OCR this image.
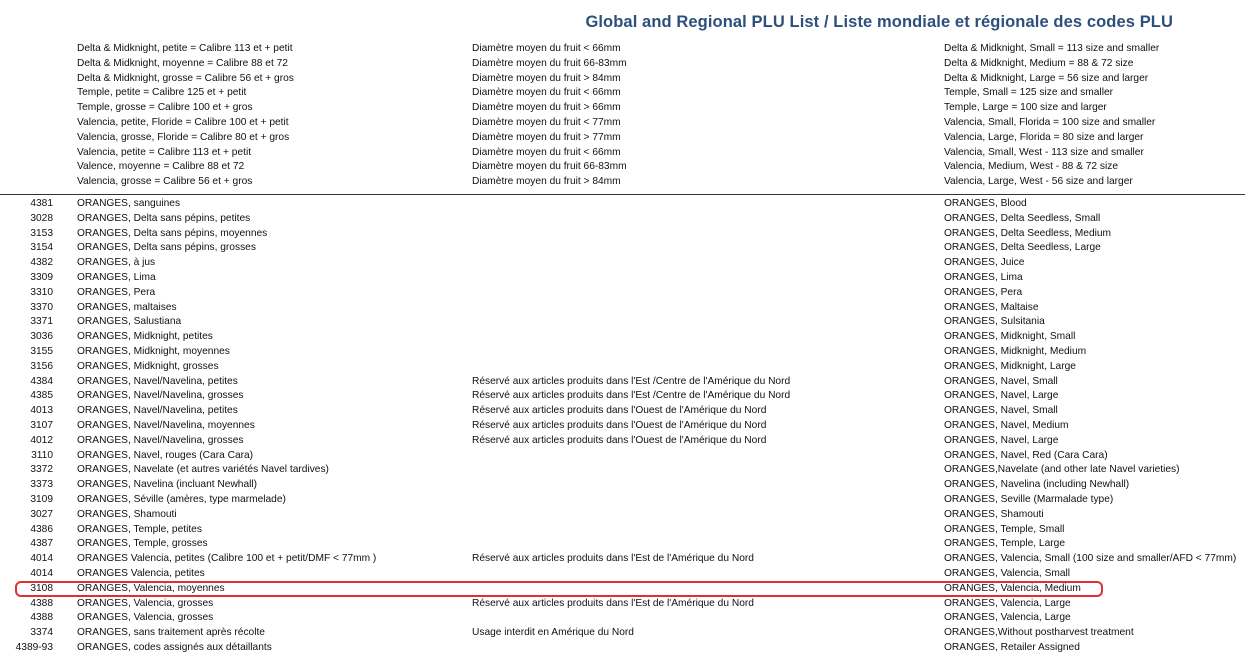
Global and Regional PLU List / Liste mondiale et régionale des codes PLU
Delta & Midknight, petite = Calibre 113 et + petit	Diamètre moyen du fruit < 66mm	Delta & Midknight, Small = 113 size and smaller
Delta & Midknight, moyenne = Calibre 88 et 72	Diamètre moyen du fruit 66-83mm	Delta & Midknight, Medium = 88 & 72 size
Delta & Midknight, grosse = Calibre 56 et + gros	Diamètre moyen du fruit > 84mm	Delta & Midknight, Large = 56 size and larger
Temple, petite = Calibre 125 et + petit	Diamètre moyen du fruit < 66mm	Temple, Small = 125 size and smaller
Temple, grosse = Calibre 100 et + gros	Diamètre moyen du fruit > 66mm	Temple, Large = 100 size and larger
Valencia, petite, Floride = Calibre 100 et + petit	Diamètre moyen du fruit < 77mm	Valencia, Small, Florida = 100 size and smaller
Valencia, grosse, Floride = Calibre 80 et + gros	Diamètre moyen du fruit > 77mm	Valencia, Large, Florida = 80 size and larger
Valencia, petite = Calibre 113 et + petit	Diamètre moyen du fruit < 66mm	Valencia, Small, West - 113 size and smaller
Valence, moyenne = Calibre 88 et 72	Diamètre moyen du fruit 66-83mm	Valencia, Medium, West - 88 & 72 size
Valencia, grosse = Calibre 56 et + gros	Diamètre moyen du fruit > 84mm	Valencia, Large, West - 56 size and larger
4381 ORANGES, sanguines	ORANGES, Blood
3028 ORANGES, Delta sans pépins, petites	ORANGES, Delta Seedless, Small
3153 ORANGES, Delta sans pépins, moyennes	ORANGES, Delta Seedless, Medium
3154 ORANGES, Delta sans pépins, grosses	ORANGES, Delta Seedless, Large
4382 ORANGES, à jus	ORANGES, Juice
3309 ORANGES, Lima	ORANGES, Lima
3310 ORANGES, Pera	ORANGES, Pera
3370 ORANGES, maltaises	ORANGES, Maltaise
3371 ORANGES, Salustiana	ORANGES, Sulsitania
3036 ORANGES, Midknight, petites	ORANGES, Midknight, Small
3155 ORANGES, Midknight, moyennes	ORANGES, Midknight, Medium
3156 ORANGES, Midknight, grosses	ORANGES, Midknight, Large
4384 ORANGES, Navel/Navelina, petites	Réservé aux articles produits dans l'Est /Centre de l'Amérique du Nord	ORANGES, Navel, Small
4385 ORANGES, Navel/Navelina, grosses	Réservé aux articles produits dans l'Est /Centre de l'Amérique du Nord	ORANGES, Navel, Large
4013 ORANGES, Navel/Navelina, petites	Réservé aux articles produits dans l'Ouest de l'Amérique du Nord	ORANGES, Navel, Small
3107 ORANGES, Navel/Navelina, moyennes	Réservé aux articles produits dans l'Ouest de l'Amérique du Nord	ORANGES, Navel, Medium
4012 ORANGES, Navel/Navelina, grosses	Réservé aux articles produits dans l'Ouest de l'Amérique du Nord	ORANGES, Navel, Large
3110 ORANGES, Navel, rouges (Cara Cara)	ORANGES, Navel, Red (Cara Cara)
3372 ORANGES, Navelate (et autres variétés Navel tardives)	ORANGES,Navelate (and other late Navel varieties)
3373 ORANGES, Navelina (incluant Newhall)	ORANGES, Navelina (including Newhall)
3109 ORANGES, Séville (amères, type marmelade)	ORANGES, Seville (Marmalade type)
3027 ORANGES, Shamouti	ORANGES, Shamouti
4386 ORANGES, Temple, petites	ORANGES, Temple, Small
4387 ORANGES, Temple, grosses	ORANGES, Temple, Large
4014 ORANGES Valencia, petites (Calibre 100 et + petit/DMF < 77mm )	Réservé aux articles produits dans l'Est de l'Amérique du Nord	ORANGES, Valencia, Small (100 size and smaller/AFD < 77mm)
4014 ORANGES Valencia, petites	ORANGES, Valencia, Small
3108 ORANGES, Valencia, moyennes	ORANGES, Valencia, Medium
4388 ORANGES, Valencia, grosses	Réservé aux articles produits dans l'Est de l'Amérique du Nord	ORANGES, Valencia, Large
4388 ORANGES, Valencia, grosses	ORANGES, Valencia, Large
3374 ORANGES, sans traitement après récolte	Usage interdit en Amérique du Nord	ORANGES,Without postharvest treatment
4389-93 ORANGES, codes assignés aux détaillants	ORANGES, Retailer Assigned
